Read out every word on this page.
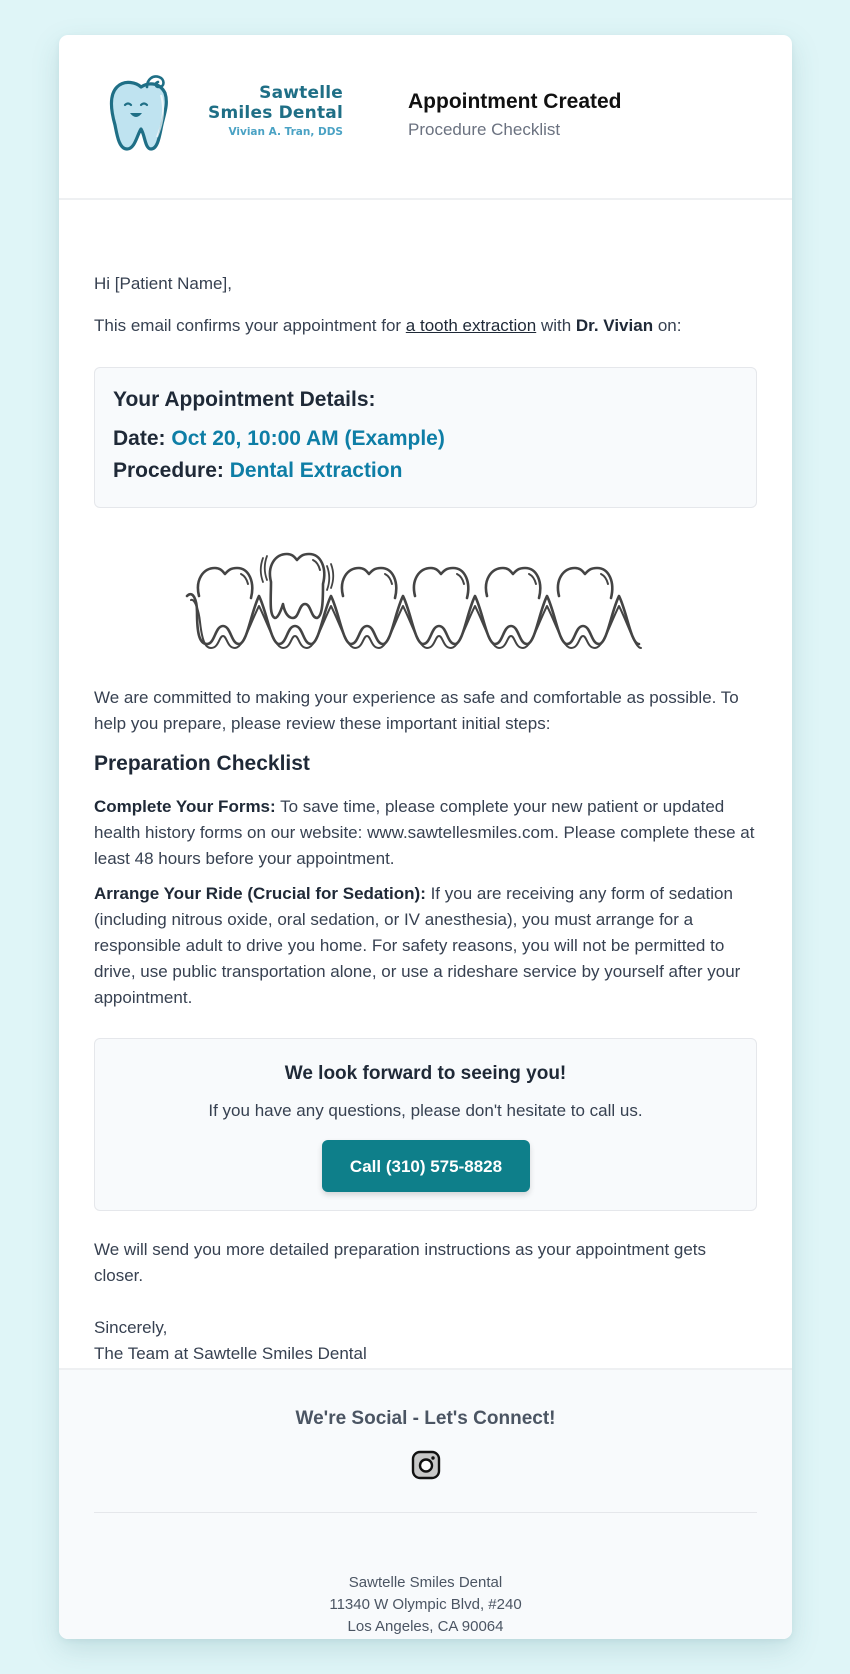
Sawtelle
Smiles Dental
Vivian A. Tran, DDS
Appointment Created
Procedure Checklist

Hi [Patient Name],

This email confirms your appointment for a tooth extraction with Dr. Vivian on:

Your Appointment Details:
Date: Oct 20, 10:00 AM (Example)
Procedure: Dental Extraction

We are committed to making your experience as safe and comfortable as possible. To help you prepare, please review these important initial steps:

Preparation Checklist

Complete Your Forms: To save time, please complete your new patient or updated health history forms on our website: www.sawtellesmiles.com. Please complete these at least 48 hours before your appointment.

Arrange Your Ride (Crucial for Sedation): If you are receiving any form of sedation (including nitrous oxide, oral sedation, or IV anesthesia), you must arrange for a responsible adult to drive you home. For safety reasons, you will not be permitted to drive, use public transportation alone, or use a rideshare service by yourself after your appointment.

We look forward to seeing you!
If you have any questions, please don't hesitate to call us.
Call (310) 575-8828

We will send you more detailed preparation instructions as your appointment gets closer.

Sincerely,

The Team at Sawtelle Smiles Dental

We're Social - Let's Connect!
Sawtelle Smiles Dental
11340 W Olympic Blvd, #240
Los Angeles, CA 90064
